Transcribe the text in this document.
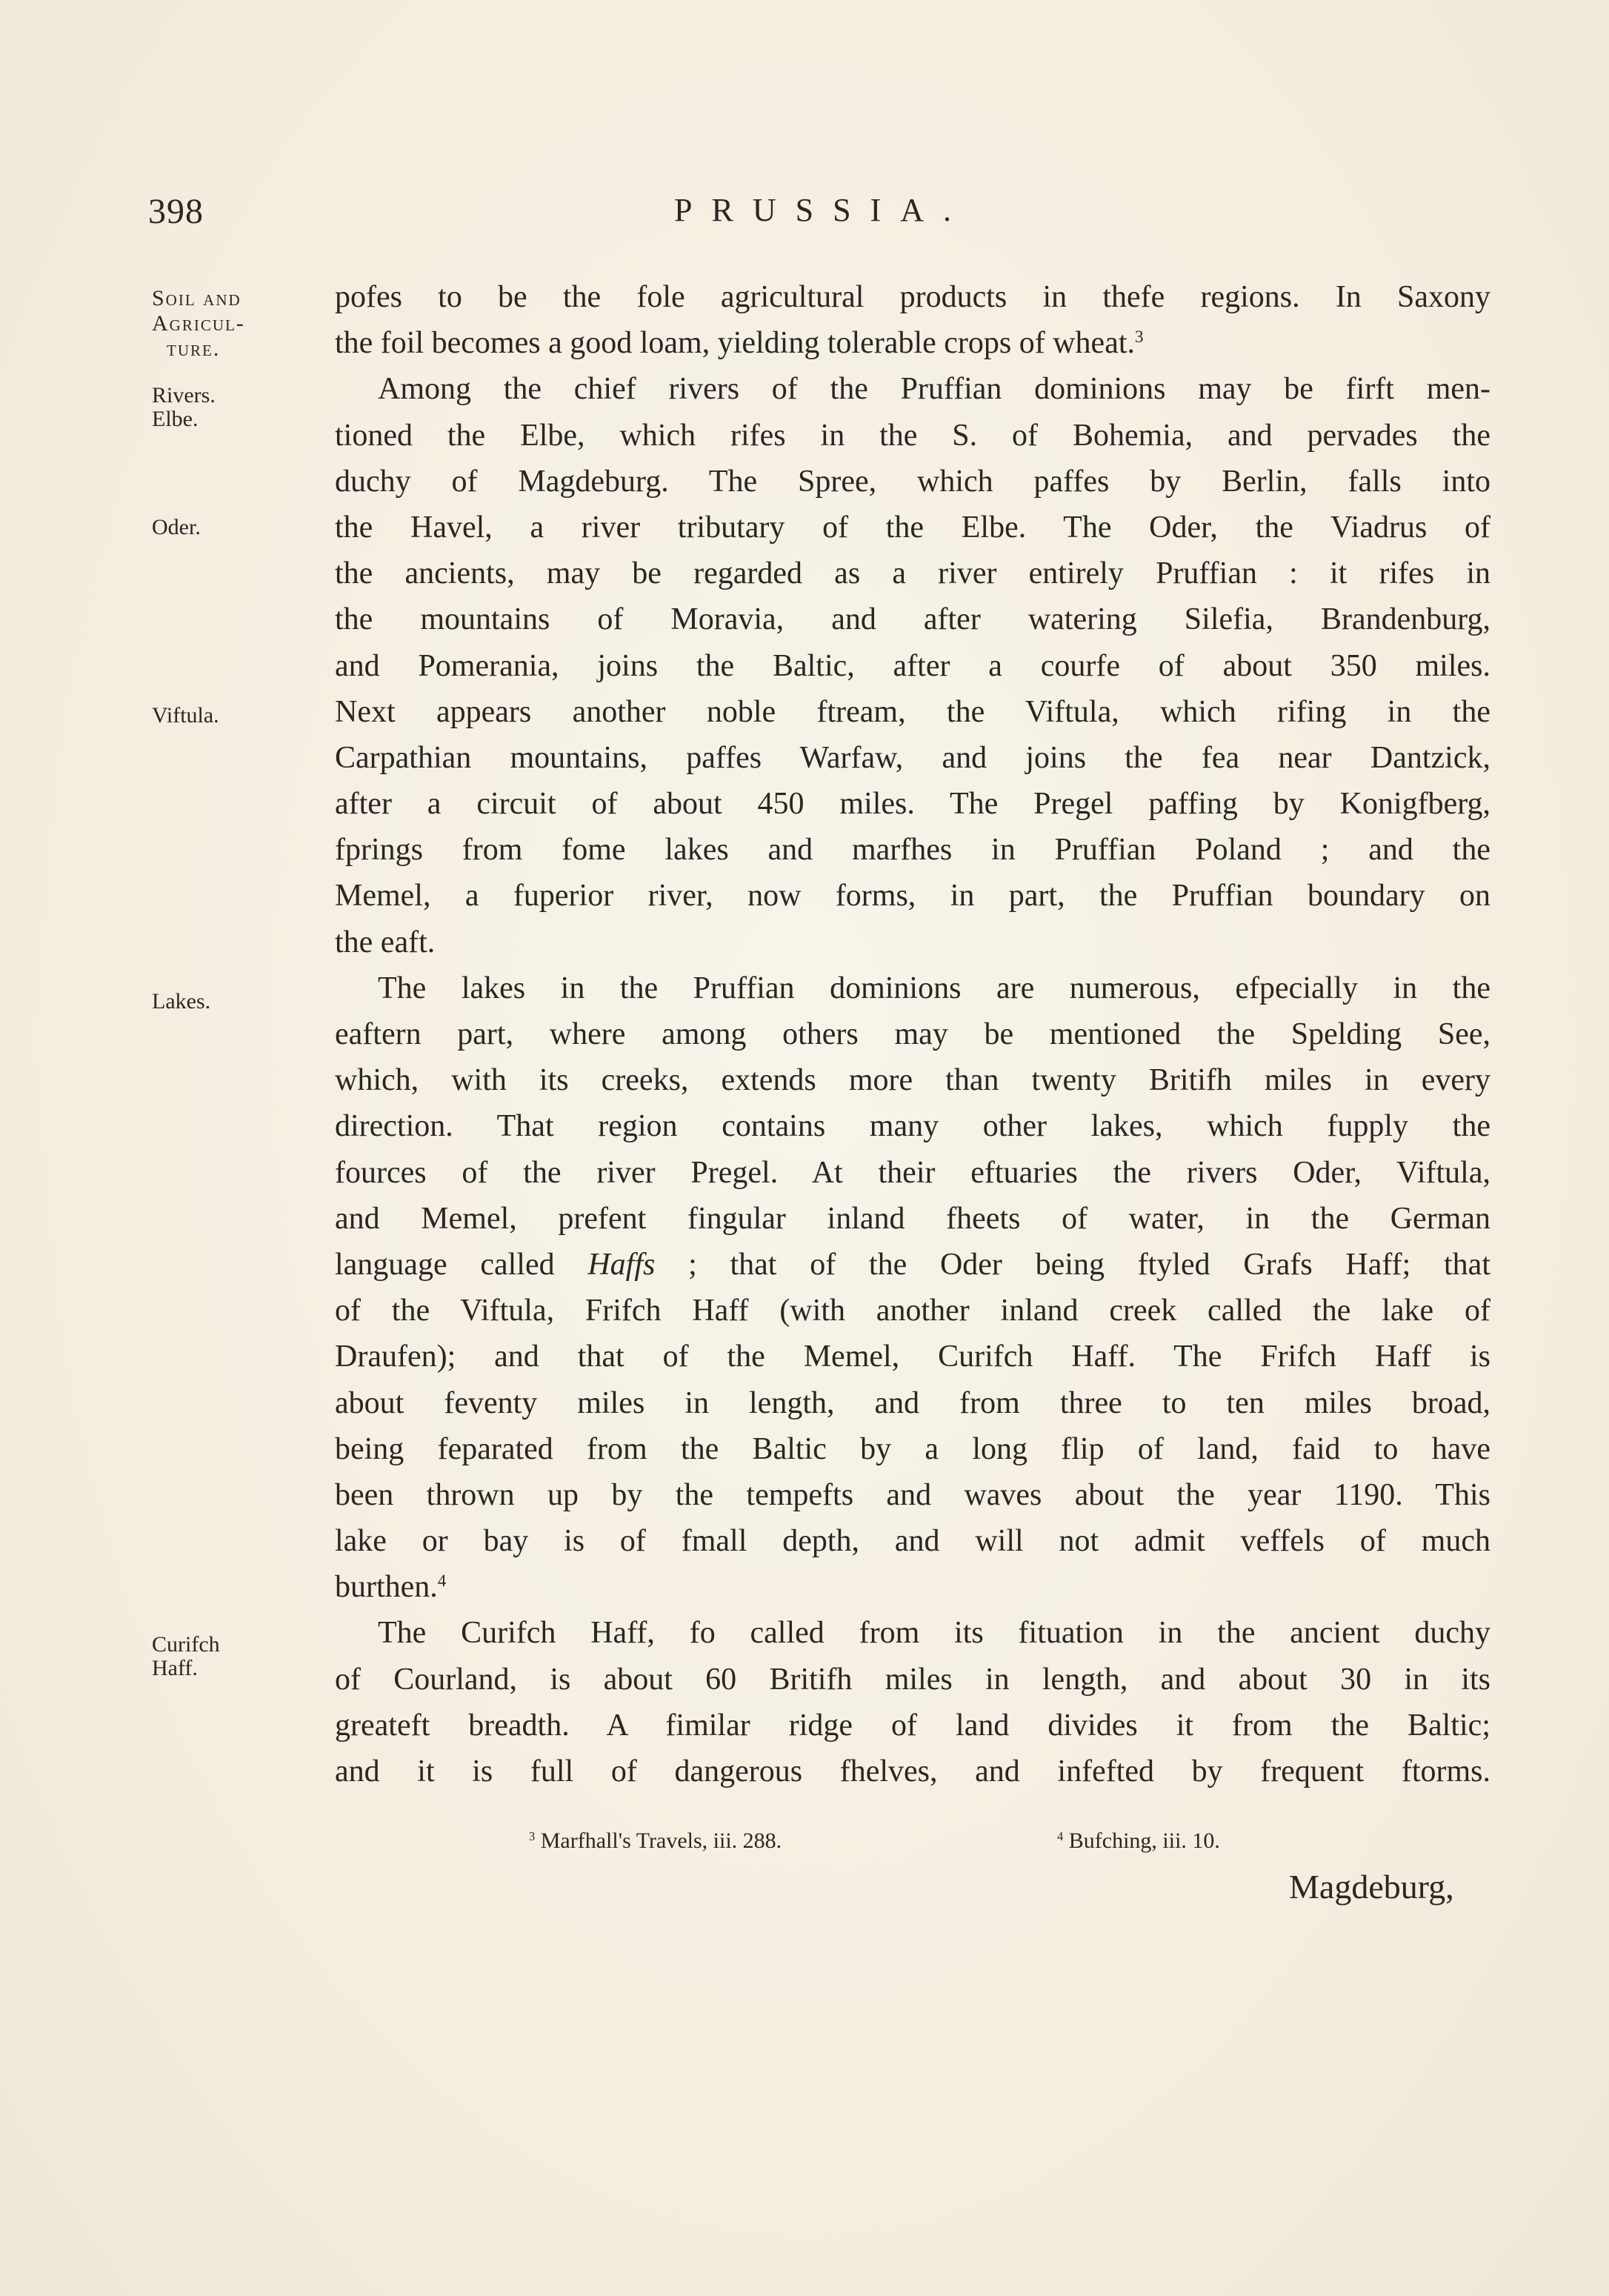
398	PRUSSIA.
Soil and
Agricul-
ture.
Rivers.
Elbe.
Oder.
Viftula.
Lakes.
Curifch
Haff.
pofes to be the fole agricultural products in thefe regions. In Saxony
the foil becomes a good loam, yielding tolerable crops of wheat.$^3$
Among the chief rivers of the Pruffian dominions may be firft men-
tioned the Elbe, which rifes in the S. of Bohemia, and pervades the
duchy of Magdeburg. The Spree, which paffes by Berlin, falls into
the Havel, a river tributary of the Elbe. The Oder, the Viadrus of
the ancients, may be regarded as a river entirely Pruffian : it rifes in
the mountains of Moravia, and after watering Silefia, Brandenburg,
and Pomerania, joins the Baltic, after a courfe of about 350 miles.
Next appears another noble ftream, the Viftula, which rifing in the
Carpathian mountains, paffes Warfaw, and joins the fea near Dantzick,
after a circuit of about 450 miles. The Pregel paffing by Konigfberg,
fprings from fome lakes and marfhes in Pruffian Poland ; and the
Memel, a fuperior river, now forms, in part, the Pruffian boundary on
the eaft.
The lakes in the Pruffian dominions are numerous, efpecially in the
eaftern part, where among others may be mentioned the Spelding See,
which, with its creeks, extends more than twenty Britifh miles in every
direction. That region contains many other lakes, which fupply the
fources of the river Pregel. At their eftuaries the rivers Oder, Viftula,
and Memel, prefent fingular inland fheets of water, in the German
language called Haffs ; that of the Oder being ftyled Grafs Haff; that
of the Viftula, Frifch Haff (with another inland creek called the lake of
Draufen); and that of the Memel, Curifch Haff. The Frifch Haff is
about feventy miles in length, and from three to ten miles broad,
being feparated from the Baltic by a long flip of land, faid to have
been thrown up by the tempefts and waves about the year 1190. This
lake or bay is of fmall depth, and will not admit veffels of much
burthen.$^4$
The Curifch Haff, fo called from its fituation in the ancient duchy
of Courland, is about 60 Britifh miles in length, and about 30 in its
greateft breadth. A fimilar ridge of land divides it from the Baltic;
and it is full of dangerous fhelves, and infefted by frequent ftorms.
$^3$ Marfhall's Travels, iii. 288.	$^4$ Bufching, iii. 10.
Magdeburg,
